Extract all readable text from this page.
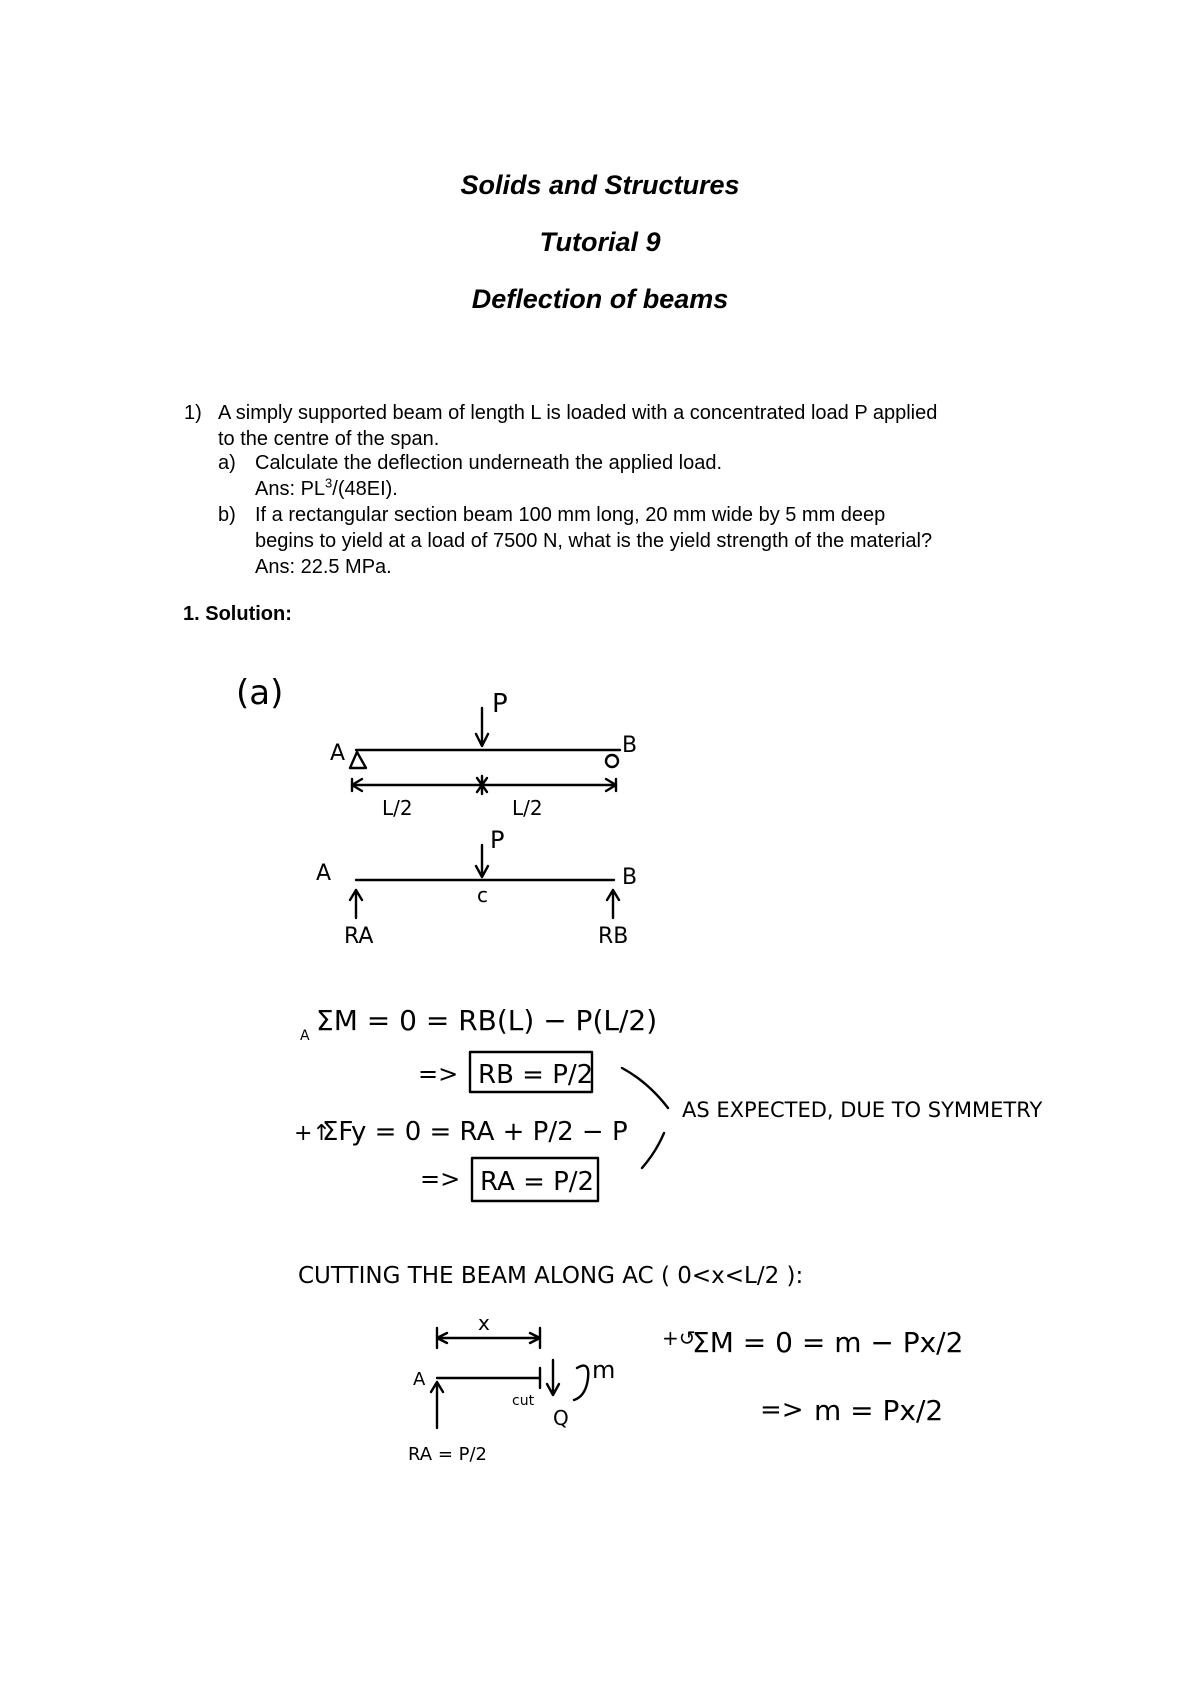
Solids and Structures
Tutorial 9
Deflection of beams
1) A simply supported beam of length L is loaded with a concentrated load P applied
to the centre of the span.
a) Calculate the deflection underneath the applied load.
Ans: $PL^3/(48EI)$.
b) If a rectangular section beam 100 mm long, 20 mm wide by 5 mm deep
begins to yield at a load of 7500 N, what is the yield strength of the material?
Ans: 22.5 MPa.
1. Solution:
(a)	P
A	B
L/2	L/2
P
A	B
c
RA	RB
A ΣM = 0 = RB(L) − P(L/2)
=> RB = P/2
+↑
ΣFy = 0 = RA + P/2 − P
=> RA = P/2
AS EXPECTED, DUE TO SYMMETRY
CUTTING THE BEAM ALONG AC ( 0<x<L/2 ):
x
A
cut
Q
m
RA = P/2
+↺
ΣM = 0 = m − Px/2
=> m = Px/2
